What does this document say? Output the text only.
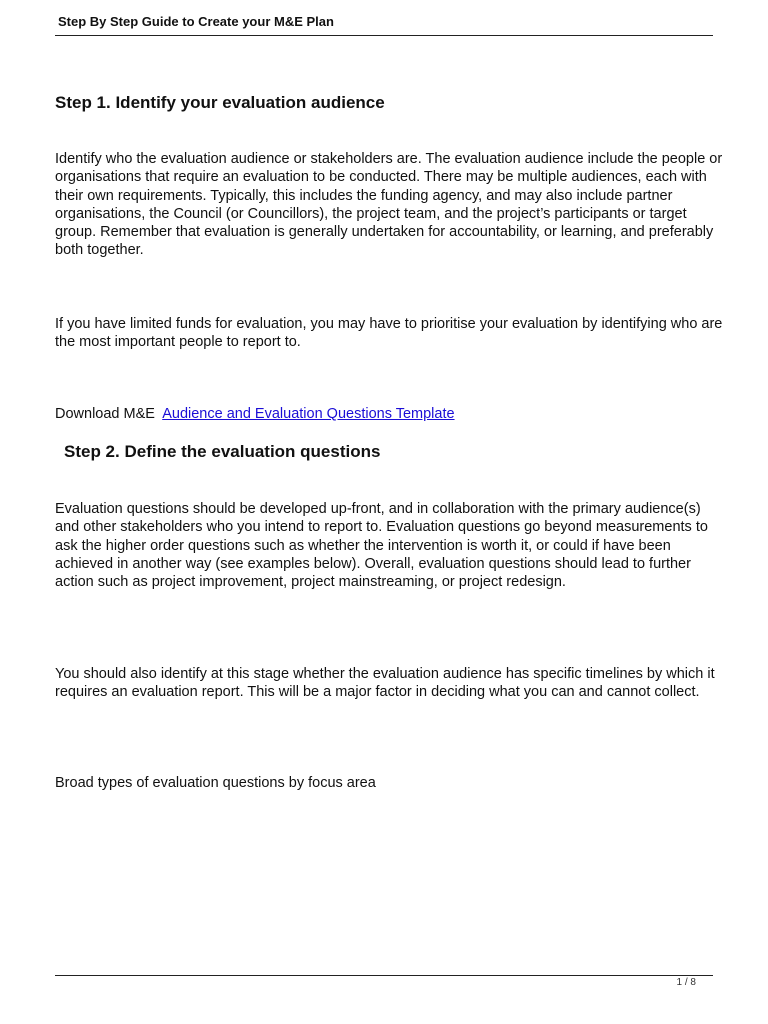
Step By Step Guide to Create your M&E Plan
Step 1. Identify your evaluation audience

Identify who the evaluation audience or stakeholders are. The evaluation audience include the people or organisations that require an evaluation to be conducted. There may be multiple audiences, each with their own requirements. Typically, this includes the funding agency, and may also include partner organisations, the Council (or Councillors), the project team, and the project’s participants or target group. Remember that evaluation is generally undertaken for accountability, or learning, and preferably both together.

If you have limited funds for evaluation, you may have to prioritise your evaluation by identifying who are the most important people to report to.

Download M&E Audience and Evaluation Questions Template

Step 2. Define the evaluation questions

Evaluation questions should be developed up-front, and in collaboration with the primary audience(s) and other stakeholders who you intend to report to. Evaluation questions go beyond measurements to ask the higher order questions such as whether the intervention is worth it, or could if have been achieved in another way (see examples below). Overall, evaluation questions should lead to further action such as project improvement, project mainstreaming, or project redesign.

You should also identify at this stage whether the evaluation audience has specific timelines by which it requires an evaluation report. This will be a major factor in deciding what you can and cannot collect.

Broad types of evaluation questions by focus area

1 / 8
